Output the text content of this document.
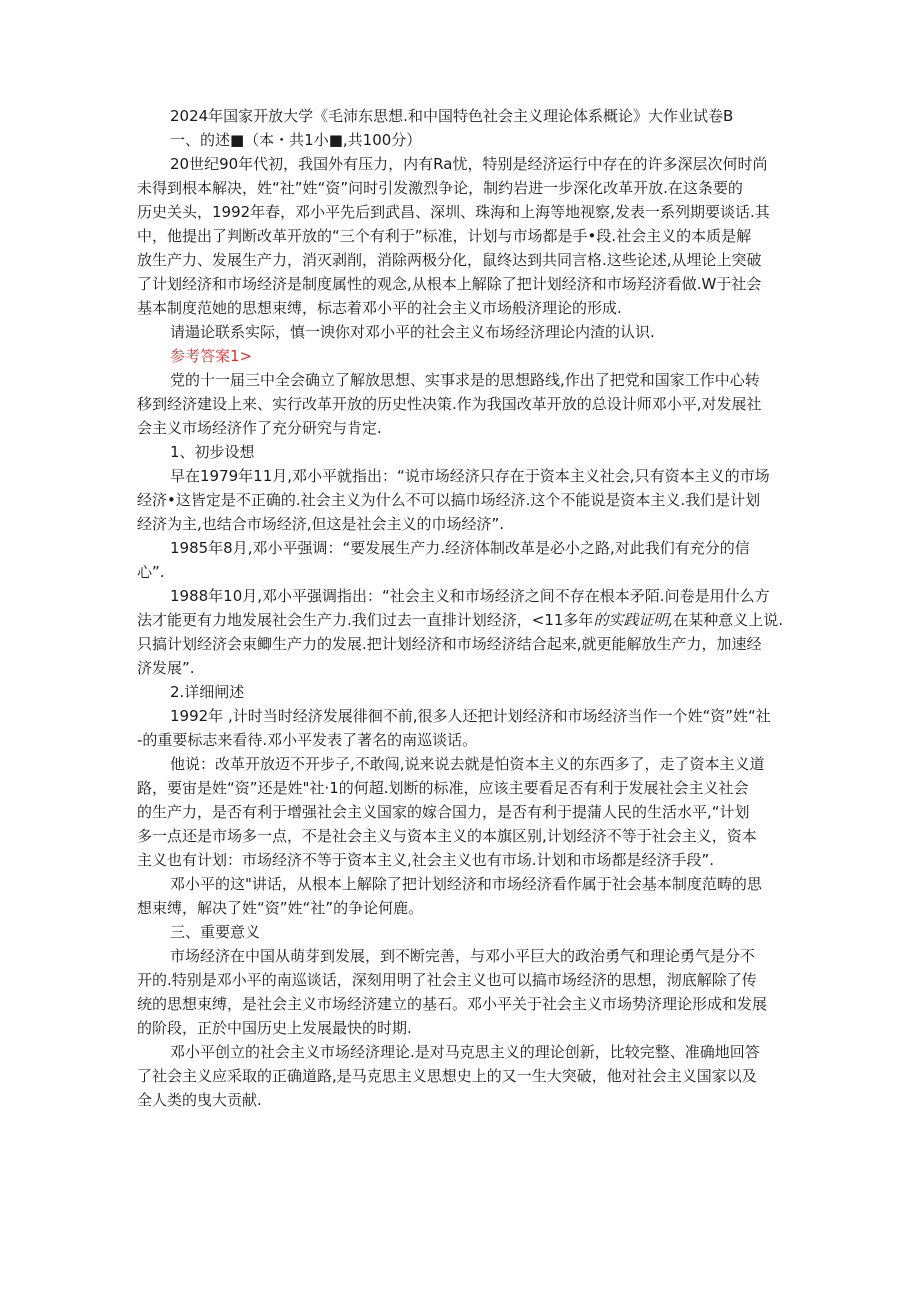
2024年国家开放大学《毛沛东思想.和中国特色社会主义理论体系概论》大作业试卷B
一、的述■（本・共1小■,共100分）
20世纪90年代初，我国外有压力，内有Ra忧，特别是经济运行中存在的许多深层次何时尚
未得到根本解决，姓“社”姓“资”问时引发激烈争论，制约岩进一步深化改革开放.在这条要的
历史关头，1992年春，邓小平先后到武昌、深圳、珠海和上海等地视察,发表一系列期要谈话.其
中，他提出了判断改革开放的“三个有利于”标准，计划与市场都是手•段.社会主义的本质是解
放生产力、发展生产力，消灭剥削，消除两极分化，鼠终达到共同言格.这些论述,从埋论上突破
了计划经济和市场经济是制度属性的观念,从根本上解除了把计划经济和市场羟济看做.W于社会
基本制度范她的思想束缚，标志着邓小平的社会主义市场般济理论的形成.
请遢论联系实际，慎一谀你对邓小平的社会主义布场经济理论内渣的认识.
参考答案1>
党的十一届三中全会确立了解放思想、实事求是的思想路线,作出了把党和国家工作中心转
移到经济建设上来、实行改革开放的历史性决策.作为我国改革开放的总设计师邓小平,对发展社
会主义市场经济作了充分研究与肯定.
1、初步设想
早在1979年11月,邓小平就指出：“说市场经济只存在于资本主义社会,只有资本主义的市场
经济•这皆定是不正确的.社会主义为什么不可以搞巾场经济.这个不能说是资本主义.我们是计划
经济为主,也结合市场经济,但这是社会主义的巾场经济”.
1985年8月,邓小平强调：“要发展生产力.经济体制改革是必小之路,对此我们有充分的信
心”.
1988年10月,邓小平强调指出：“社会主义和市场经济之间不存在根本矛陌.问卷是用什么方
法才能更有力地发展社会生产力.我们过去一直排计划经济，<11多年的实践证明,在某种意义上说.
只搞计划经济会束鲫生产力的发展.把计划经济和市场经济结合起来,就更能解放生产力，加速经
济发展”.
2.详细闸述
1992年 ,计时当时经济发展徘徊不前,很多人还把计划经济和市场经济当作一个姓“资”姓“社
-的重要标志来看待.邓小平发表了著名的南巡谈话。
他说：改革开放迈不开步子,不敢闯,说来说去就是怕资本主义的东西多了，走了资本主义道
路，要宙是姓“资”还是姓"社·1的何超.划断的标准，应该主要看足否有利于发展社会主义社会
的生产力，是否有利于增强社会主义国家的嫁合国力，是否有利于提蒲人民的生活水平,“计划
多一点还是市场多一点，不是社会主义与资本主义的本旗区别,计划经济不等于社会主义，资本
主义也有计划：市场经济不等于资本主义,社会主义也有市场.计划和市场都是经济手段”.
邓小平的这"讲话，从根本上解除了把计划经济和市场经济看作属于社会基本制度范畴的思
想束缚，解决了姓“资”姓“社”的争论何鹿。
三、重要意义
市场经济在中国从萌芽到发展，到不断完善，与邓小平巨大的政治勇气和理论勇气是分不
开的.特别是邓小平的南巡谈话，深刻用明了社会主义也可以搞市场经济的思想，沏底解除了传
统的思想束缚，是社会主义市场经济建立的基石。邓小平关于社会主义市场势济理论形成和发展
的阶段，正於中国历史上发展最快的时期.
邓小平创立的社会主义市场经济理论.是对马克思主义的理论创新，比较完整、准确地回答
了社会主义应采取的正确道路,是马克思主义思想史上的又一生大突破，他对社会主义国家以及
全人类的曳大贡献.
